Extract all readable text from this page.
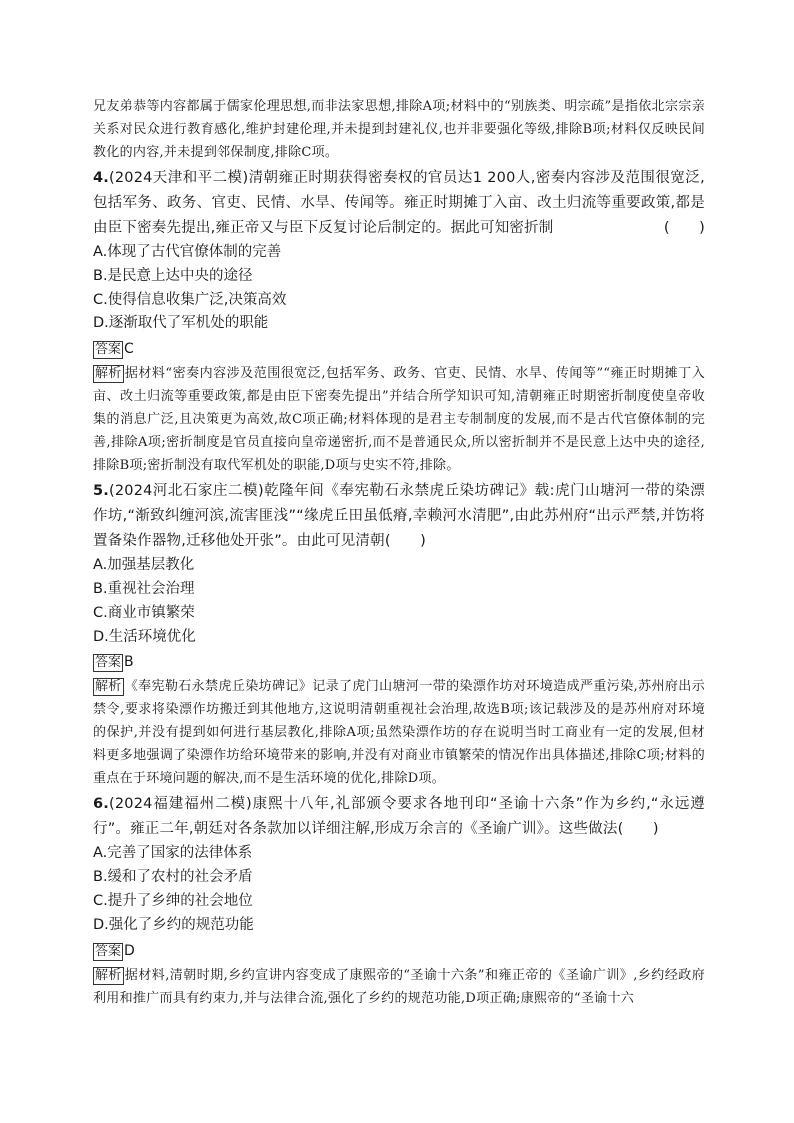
兄友弟恭等内容都属于儒家伦理思想,而非法家思想,排除A项;材料中的“别族类、明宗疏”是指依北宗宗亲关系对民众进行教育感化,维护封建伦理,并未提到封建礼仪,也并非要强化等级,排除B项;材料仅反映民间教化的内容,并未提到邻保制度,排除C项。
4.(2024天津和平二模)清朝雍正时期获得密奏权的官员达1 200人,密奏内容涉及范围很宽泛,包括军务、政务、官吏、民情、水旱、传闻等。雍正时期摊丁入亩、改土归流等重要政策,都是由臣下密奏先提出,雍正帝又与臣下反复讨论后制定的。据此可知密折制	(　　)
A.体现了古代官僚体制的完善
B.是民意上达中央的途径
C.使得信息收集广泛,决策高效
D.逐渐取代了军机处的职能
答案 C
解析 据材料“密奏内容涉及范围很宽泛,包括军务、政务、官吏、民情、水旱、传闻等”“雍正时期摊丁入亩、改土归流等重要政策,都是由臣下密奏先提出”并结合所学知识可知,清朝雍正时期密折制度使皇帝收集的消息广泛,且决策更为高效,故C项正确;材料体现的是君主专制制度的发展,而不是古代官僚体制的完善,排除A项;密折制度是官员直接向皇帝递密折,而不是普通民众,所以密折制并不是民意上达中央的途径,排除B项;密折制没有取代军机处的职能,D项与史实不符,排除。
5.(2024河北石家庄二模)乾隆年间《奉宪勒石永禁虎丘染坊碑记》载:虎门山塘河一带的染漂作坊,“渐致纠缠河滨,流害匪浅”“缘虎丘田虽低瘠,幸赖河水清肥”,由此苏州府“出示严禁,并饬将置备染作器物,迁移他处开张”。由此可见清朝(　　)
A.加强基层教化
B.重视社会治理
C.商业市镇繁荣
D.生活环境优化
答案 B
解析 《奉宪勒石永禁虎丘染坊碑记》记录了虎门山塘河一带的染漂作坊对环境造成严重污染,苏州府出示禁令,要求将染漂作坊搬迁到其他地方,这说明清朝重视社会治理,故选B项;该记载涉及的是苏州府对环境的保护,并没有提到如何进行基层教化,排除A项;虽然染漂作坊的存在说明当时工商业有一定的发展,但材料更多地强调了染漂作坊给环境带来的影响,并没有对商业市镇繁荣的情况作出具体描述,排除C项;材料的重点在于环境问题的解决,而不是生活环境的优化,排除D项。
6.(2024福建福州二模)康熙十八年,礼部颁令要求各地刊印“圣谕十六条”作为乡约,“永远遵行”。雍正二年,朝廷对各条款加以详细注解,形成万余言的《圣谕广训》。这些做法(　　)
A.完善了国家的法律体系
B.缓和了农村的社会矛盾
C.提升了乡绅的社会地位
D.强化了乡约的规范功能
答案 D
解析 据材料,清朝时期,乡约宣讲内容变成了康熙帝的“圣谕十六条”和雍正帝的《圣谕广训》,乡约经政府利用和推广而具有约束力,并与法律合流,强化了乡约的规范功能,D项正确;康熙帝的“圣谕十六
